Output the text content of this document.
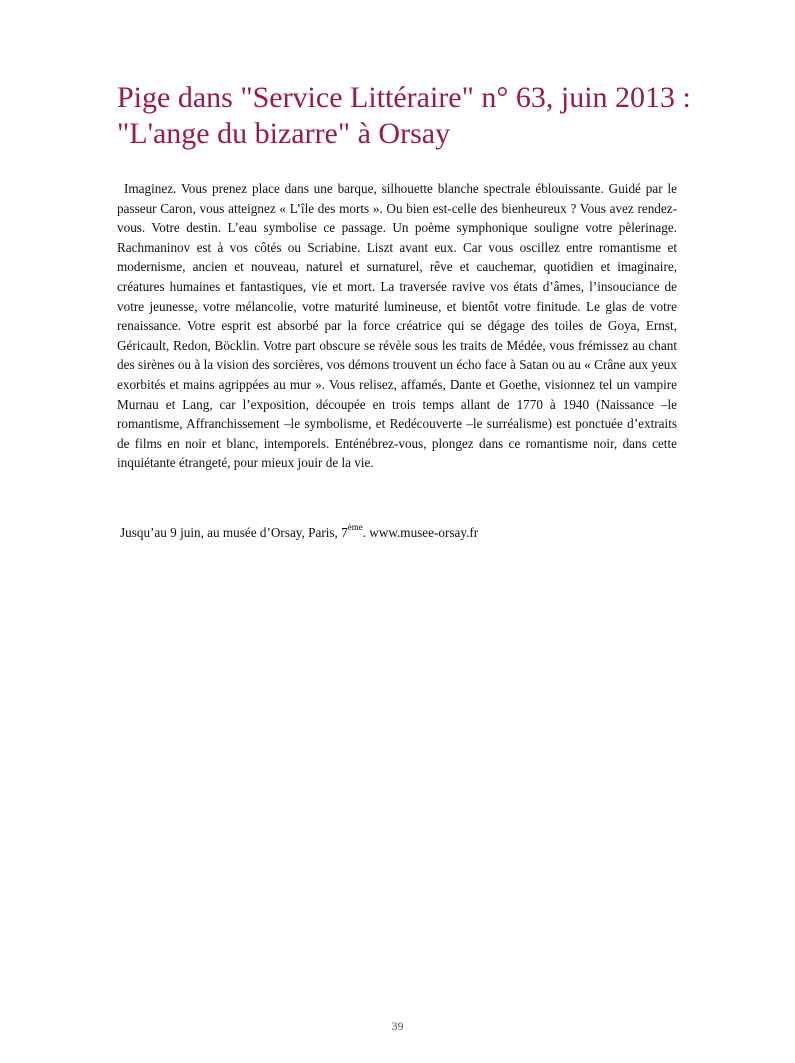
Pige dans "Service Littéraire" n° 63, juin 2013 : "L'ange du bizarre" à Orsay

Imaginez. Vous prenez place dans une barque, silhouette blanche spectrale éblouissante. Guidé par le passeur Caron, vous atteignez « L’île des morts ». Ou bien est-celle des bienheureux ? Vous avez rendez-vous. Votre destin. L’eau symbolise ce passage. Un poème symphonique souligne votre pèlerinage. Rachmaninov est à vos côtés ou Scriabine. Liszt avant eux. Car vous oscillez entre romantisme et modernisme, ancien et nouveau, naturel et surnaturel, rêve et cauchemar, quotidien et imaginaire, créatures humaines et fantastiques, vie et mort. La traversée ravive vos états d’âmes, l’insouciance de votre jeunesse, votre mélancolie, votre maturité lumineuse, et bientôt votre finitude. Le glas de votre renaissance. Votre esprit est absorbé par la force créatrice qui se dégage des toiles de Goya, Ernst, Géricault, Redon, Böcklin. Votre part obscure se révèle sous les traits de Médée, vous frémissez au chant des sirènes ou à la vision des sorcières, vos démons trouvent un écho face à Satan ou au « Crâne aux yeux exorbités et mains agrippées au mur ». Vous relisez, affamés, Dante et Goethe, visionnez tel un vampire Murnau et Lang, car l’exposition, découpée en trois temps allant de 1770 à 1940 (Naissance –le romantisme, Affranchissement –le symbolisme, et Redécouverte –le surréalisme) est ponctuée d’extraits de films en noir et blanc, intemporels. Enténébrez-vous, plongez dans ce romantisme noir, dans cette inquiétante étrangeté, pour mieux jouir de la vie.

Jusqu’au 9 juin, au musée d’Orsay, Paris, 7ème. www.musee-orsay.fr

39
